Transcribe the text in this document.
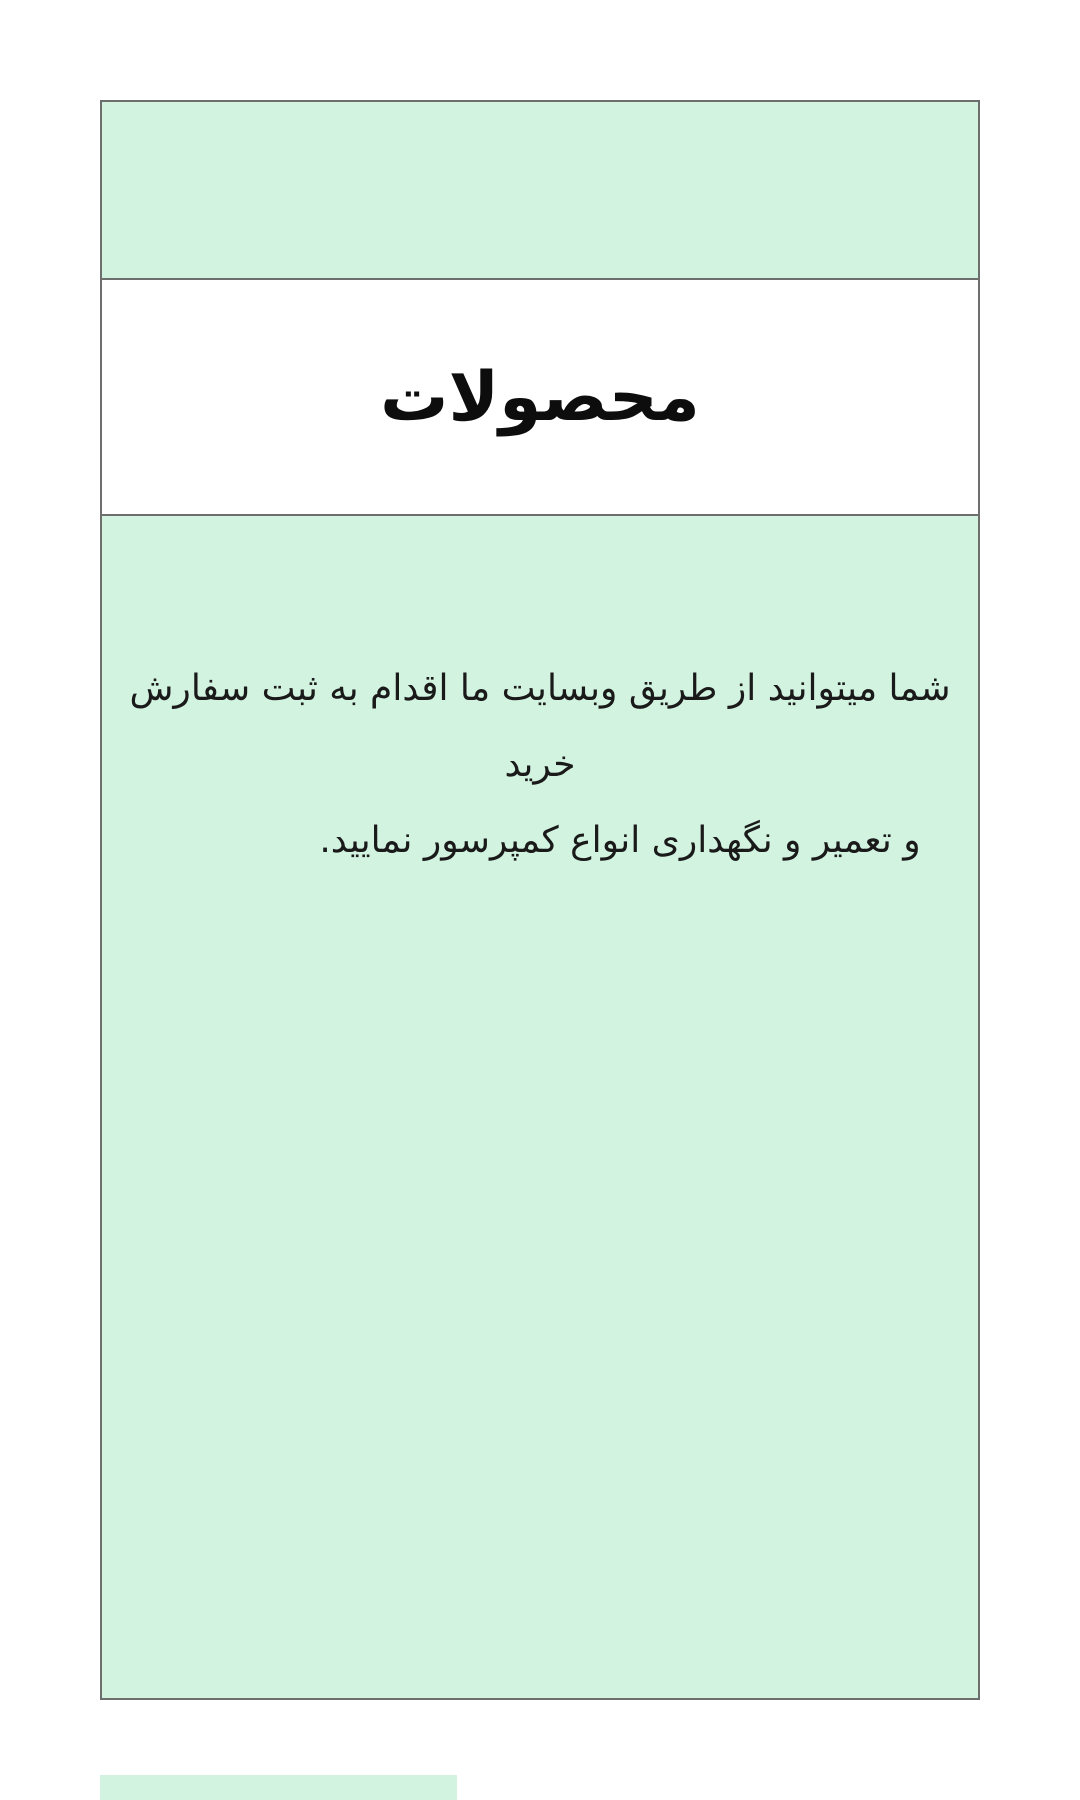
محصولات

شما میتوانید از طریق وبسایت ما اقدام به ثبت سفارش خرید
و تعمیر و نگهداری انواع کمپرسور نمایید.
